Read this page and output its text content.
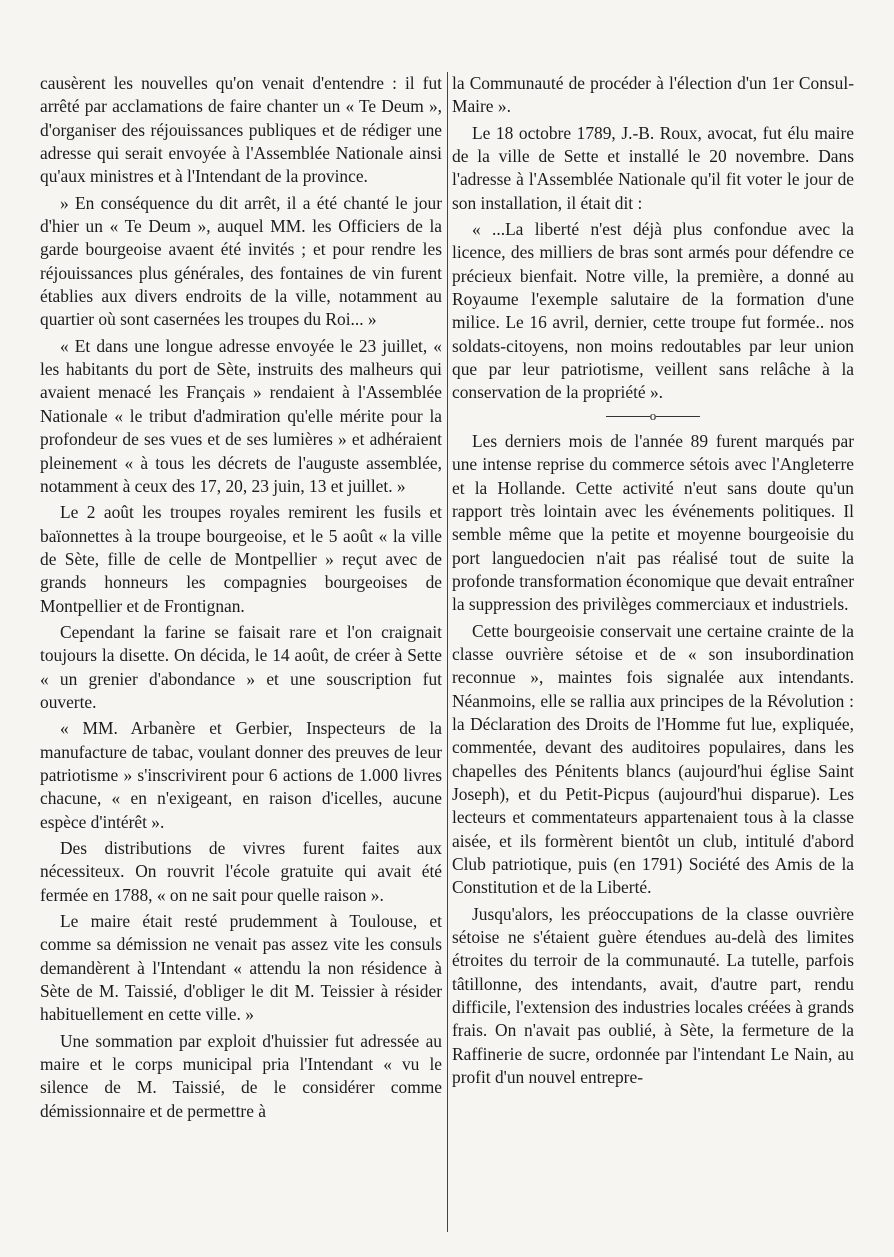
causèrent les nouvelles qu'on venait d'entendre : il fut arrêté par acclamations de faire chanter un « Te Deum », d'organiser des réjouissances publiques et de rédiger une adresse qui serait envoyée à l'Assemblée Nationale ainsi qu'aux ministres et à l'Intendant de la province.

» En conséquence du dit arrêt, il a été chanté le jour d'hier un « Te Deum », auquel MM. les Officiers de la garde bourgeoise avaent été invités ; et pour rendre les réjouissances plus générales, des fontaines de vin furent établies aux divers endroits de la ville, notamment au quartier où sont casernées les troupes du Roi... »

« Et dans une longue adresse envoyée le 23 juillet, « les habitants du port de Sète, instruits des malheurs qui avaient menacé les Français » rendaient à l'Assemblée Nationale « le tribut d'admiration qu'elle mérite pour la profondeur de ses vues et de ses lumières » et adhéraient pleinement « à tous les décrets de l'auguste assemblée, notamment à ceux des 17, 20, 23 juin, 13 et juillet. »

Le 2 août les troupes royales remirent les fusils et baïonnettes à la troupe bourgeoise, et le 5 août « la ville de Sète, fille de celle de Montpellier » reçut avec de grands honneurs les compagnies bourgeoises de Montpellier et de Frontignan.

Cependant la farine se faisait rare et l'on craignait toujours la disette. On décida, le 14 août, de créer à Sette « un grenier d'abondance » et une souscription fut ouverte.

« MM. Arbanère et Gerbier, Inspecteurs de la manufacture de tabac, voulant donner des preuves de leur patriotisme » s'inscrivirent pour 6 actions de 1.000 livres chacune, « en n'exigeant, en raison d'icelles, aucune espèce d'intérêt ».

Des distributions de vivres furent faites aux nécessiteux. On rouvrit l'école gratuite qui avait été fermée en 1788, « on ne sait pour quelle raison ».

Le maire était resté prudemment à Toulouse, et comme sa démission ne venait pas assez vite les consuls demandèrent à l'Intendant « attendu la non résidence à Sète de M. Taissié, d'obliger le dit M. Teissier à résider habituellement en cette ville. »

Une sommation par exploit d'huissier fut adressée au maire et le corps municipal pria l'Intendant « vu le silence de M. Taissié, de le considérer comme démissionnaire et de permettre à

la Communauté de procéder à l'élection d'un 1er Consul-Maire ».

Le 18 octobre 1789, J.-B. Roux, avocat, fut élu maire de la ville de Sette et installé le 20 novembre. Dans l'adresse à l'Assemblée Nationale qu'il fit voter le jour de son installation, il était dit :

« ...La liberté n'est déjà plus confondue avec la licence, des milliers de bras sont armés pour défendre ce précieux bienfait. Notre ville, la première, a donné au Royaume l'exemple salutaire de la formation d'une milice. Le 16 avril, dernier, cette troupe fut formée.. nos soldats-citoyens, non moins redoutables par leur union que par leur patriotisme, veillent sans relâche à la conservation de la propriété ».

o

Les derniers mois de l'année 89 furent marqués par une intense reprise du commerce sétois avec l'Angleterre et la Hollande. Cette activité n'eut sans doute qu'un rapport très lointain avec les événements politiques. Il semble même que la petite et moyenne bourgeoisie du port languedocien n'ait pas réalisé tout de suite la profonde transformation économique que devait entraîner la suppression des privilèges commerciaux et industriels.

Cette bourgeoisie conservait une certaine crainte de la classe ouvrière sétoise et de « son insubordination reconnue », maintes fois signalée aux intendants. Néanmoins, elle se rallia aux principes de la Révolution : la Déclaration des Droits de l'Homme fut lue, expliquée, commentée, devant des auditoires populaires, dans les chapelles des Pénitents blancs (aujourd'hui église Saint Joseph), et du Petit-Picpus (aujourd'hui disparue). Les lecteurs et commentateurs appartenaient tous à la classe aisée, et ils formèrent bientôt un club, intitulé d'abord Club patriotique, puis (en 1791) Société des Amis de la Constitution et de la Liberté.

Jusqu'alors, les préoccupations de la classe ouvrière sétoise ne s'étaient guère étendues au-delà des limites étroites du terroir de la communauté. La tutelle, parfois tâtillonne, des intendants, avait, d'autre part, rendu difficile, l'extension des industries locales créées à grands frais. On n'avait pas oublié, à Sète, la fermeture de la Raffinerie de sucre, ordonnée par l'intendant Le Nain, au profit d'un nouvel entrepre-
